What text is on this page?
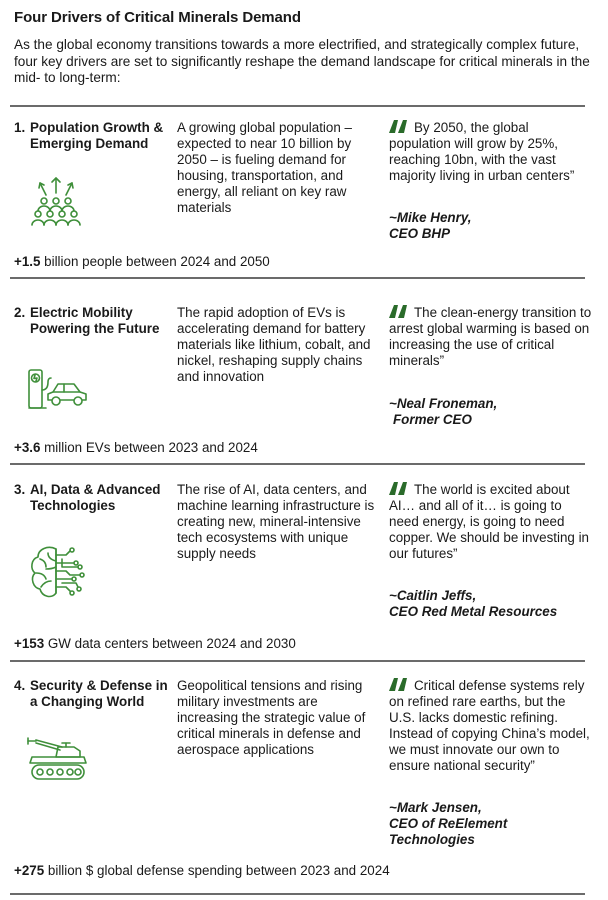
Four Drivers of Critical Minerals Demand
As the global economy transitions towards a more electrified, and strategically complex future, four key drivers are set to significantly reshape the demand landscape for critical minerals in the mid- to long-term:
1. Population Growth & Emerging Demand
A growing global population – expected to near 10 billion by 2050 – is fueling demand for housing, transportation, and energy, all reliant on key raw materials
By 2050, the global population will grow by 25%, reaching 10bn, with the vast majority living in urban centers”
~Mike Henry,
CEO BHP
+1.5 billion people between 2024 and 2050
2. Electric Mobility Powering the Future
The rapid adoption of EVs is accelerating demand for battery materials like lithium, cobalt, and nickel, reshaping supply chains and innovation
The clean-energy transition to arrest global warming is based on increasing the use of critical minerals”
~Neal Froneman,
Former CEO
+3.6 million EVs between 2023 and 2024
3. AI, Data & Advanced Technologies
The rise of AI, data centers, and machine learning infrastructure is creating new, mineral-intensive tech ecosystems with unique supply needs
The world is excited about AI… and all of it… is going to need energy, is going to need copper. We should be investing in our futures”
~Caitlin Jeffs,
CEO Red Metal Resources
+153 GW data centers between 2024 and 2030
4. Security & Defense in a Changing World
Geopolitical tensions and rising military investments are increasing the strategic value of critical minerals in defense and aerospace applications
Critical defense systems rely on refined rare earths, but the U.S. lacks domestic refining. Instead of copying China’s model, we must innovate our own to ensure national security”
~Mark Jensen,
CEO of ReElement Technologies
+275 billion $ global defense spending between 2023 and 2024
